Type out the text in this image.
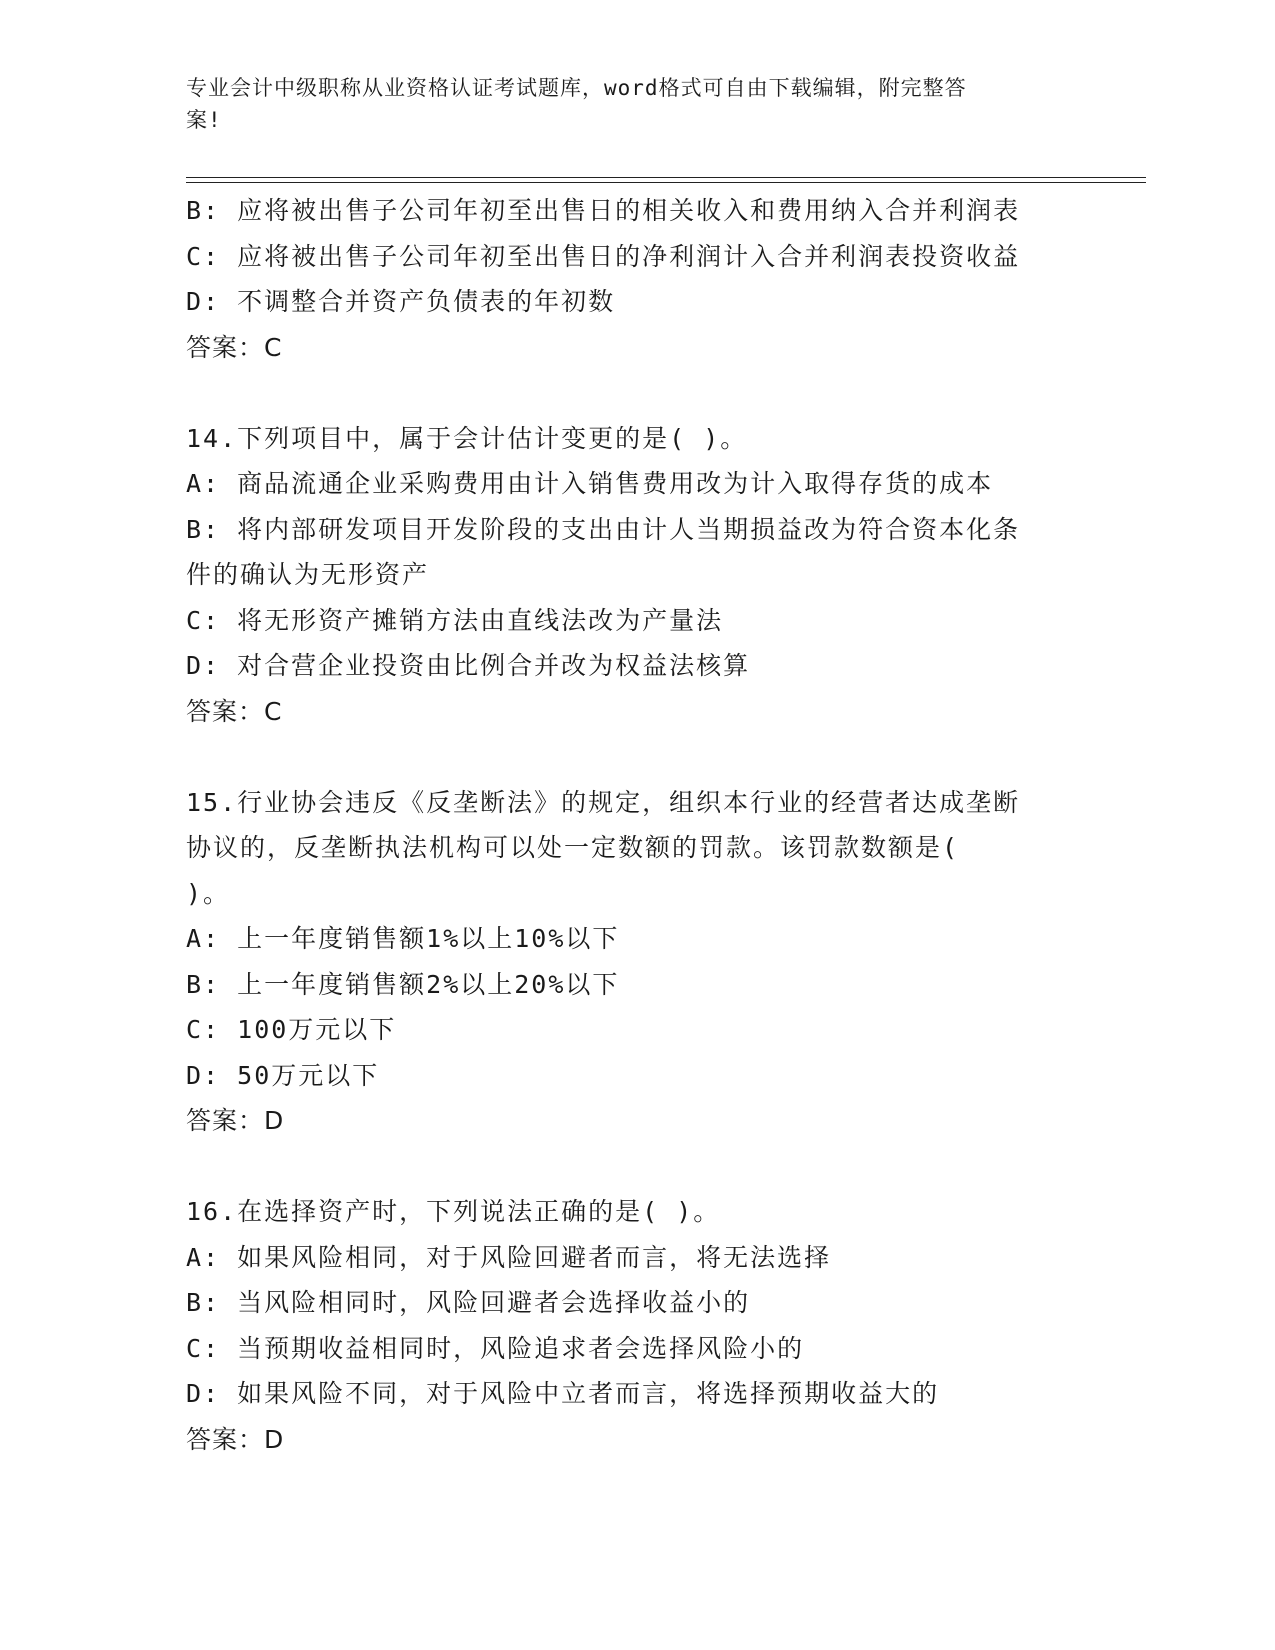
专业会计中级职称从业资格认证考试题库，word格式可自由下载编辑，附完整答
案!
B: 应将被出售子公司年初至出售日的相关收入和费用纳入合并利润表
C: 应将被出售子公司年初至出售日的净利润计入合并利润表投资收益
D: 不调整合并资产负债表的年初数
答案：C
14.下列项目中，属于会计估计变更的是( )。
A: 商品流通企业采购费用由计入销售费用改为计入取得存货的成本
B: 将内部研发项目开发阶段的支出由计人当期损益改为符合资本化条
件的确认为无形资产
C: 将无形资产摊销方法由直线法改为产量法
D: 对合营企业投资由比例合并改为权益法核算
答案：C
15.行业协会违反《反垄断法》的规定，组织本行业的经营者达成垄断
协议的，反垄断执法机构可以处一定数额的罚款。该罚款数额是(
)。
A: 上一年度销售额1%以上10%以下
B: 上一年度销售额2%以上20%以下
C: 100万元以下
D: 50万元以下
答案：D
16.在选择资产时，下列说法正确的是( )。
A: 如果风险相同，对于风险回避者而言，将无法选择
B: 当风险相同时，风险回避者会选择收益小的
C: 当预期收益相同时，风险追求者会选择风险小的
D: 如果风险不同，对于风险中立者而言，将选择预期收益大的
答案：D
